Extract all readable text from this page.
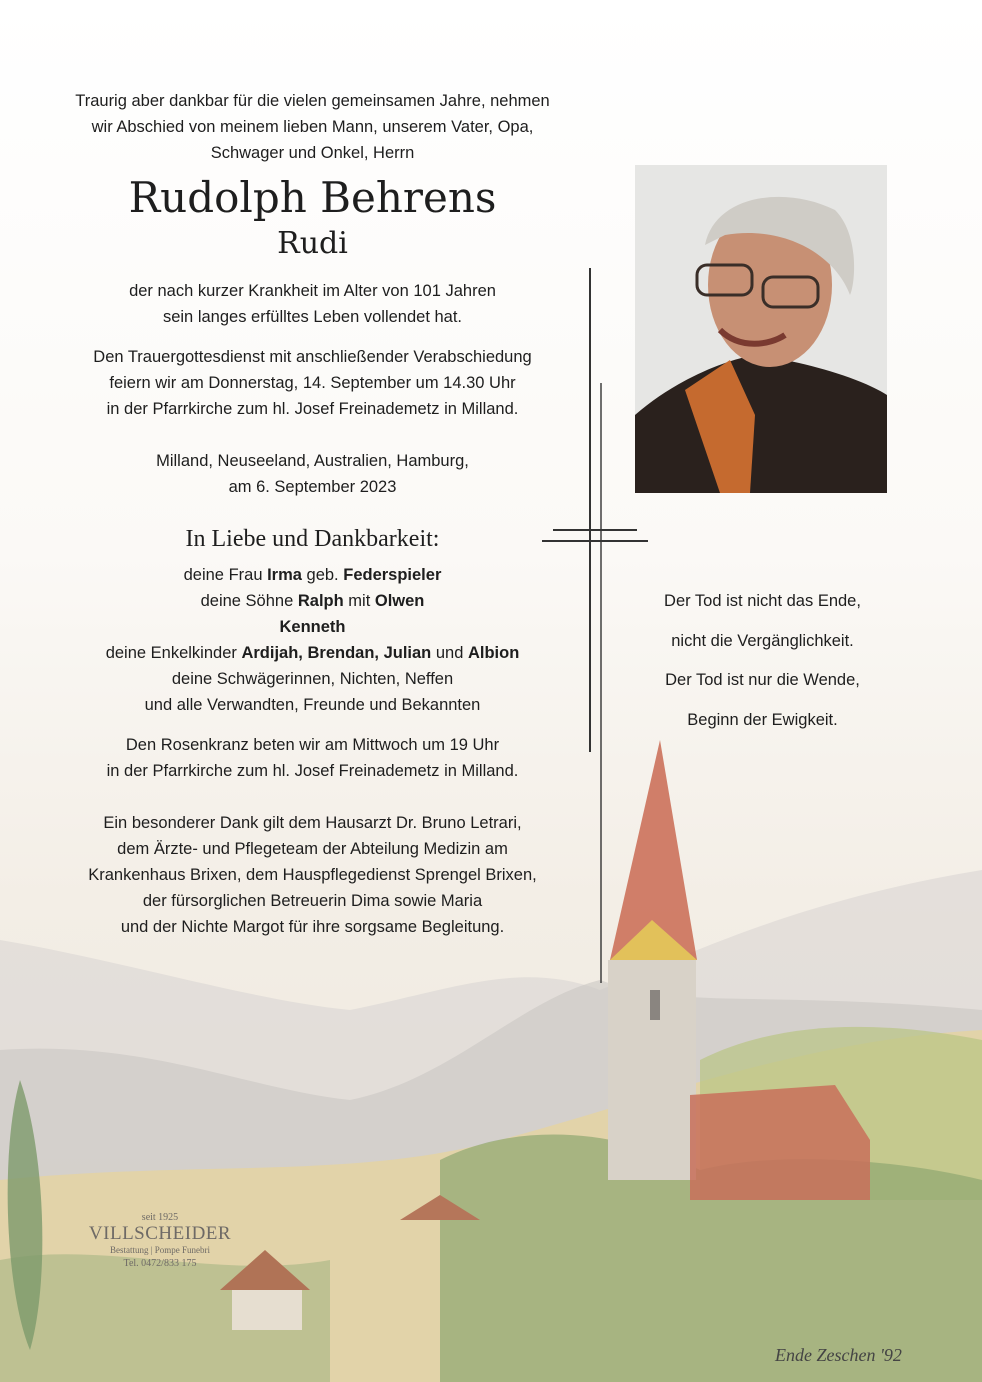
Traurig aber dankbar für die vielen gemeinsamen Jahre, nehmen

wir Abschied von meinem lieben Mann, unserem Vater, Opa,

Schwager und Onkel, Herrn

Rudolph Behrens
Rudi

der nach kurzer Krankheit im Alter von 101 Jahren

sein langes erfülltes Leben vollendet hat.

Den Trauergottesdienst mit anschließender Verabschiedung

feiern wir am Donnerstag, 14. September um 14.30 Uhr

in der Pfarrkirche zum hl. Josef Freinademetz in Milland.

Milland, Neuseeland, Australien, Hamburg,

am 6. September 2023

In Liebe und Dankbarkeit:

deine Frau Irma geb. Federspieler

deine Söhne Ralph mit Olwen

Kenneth

deine Enkelkinder Ardijah, Brendan, Julian und Albion

deine Schwägerinnen, Nichten, Neffen

und alle Verwandten, Freunde und Bekannten

Den Rosenkranz beten wir am Mittwoch um 19 Uhr

in der Pfarrkirche zum hl. Josef Freinademetz in Milland.

Ein besonderer Dank gilt dem Hausarzt Dr. Bruno Letrari,

dem Ärzte- und Pflegeteam der Abteilung Medizin am

Krankenhaus Brixen, dem Hauspflegedienst Sprengel Brixen,

der fürsorglichen Betreuerin Dima sowie Maria

und der Nichte Margot für ihre sorgsame Begleitung.

Der Tod ist nicht das Ende,
nicht die Vergänglichkeit.
Der Tod ist nur die Wende,
Beginn der Ewigkeit.
seit 1925
VILLSCHEIDER
Bestattung | Pompe Funebri
Tel. 0472/833 175
Ende Zeschen '92
